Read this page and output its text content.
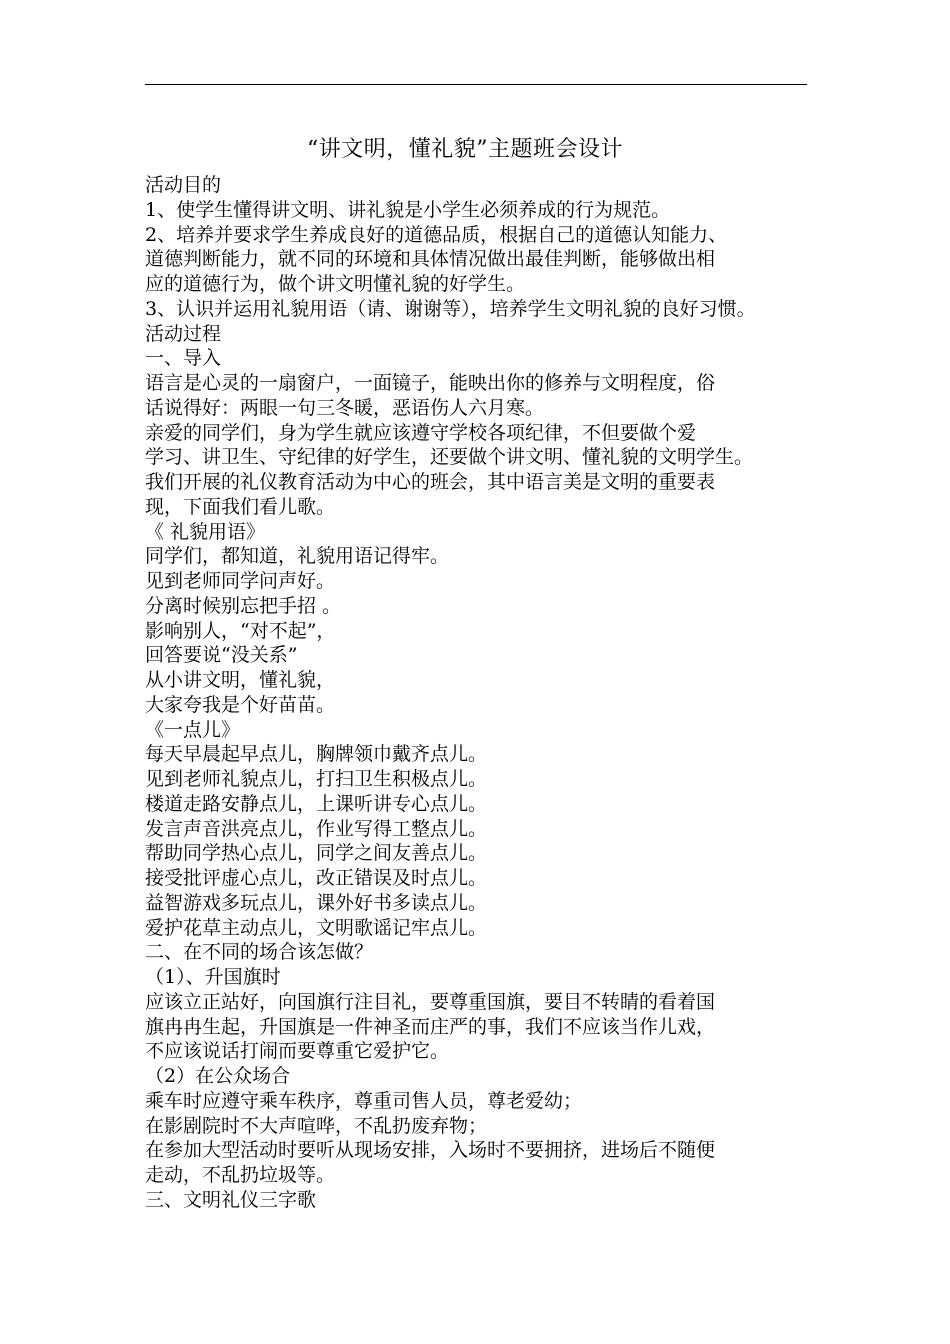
“讲文明，懂礼貌”主题班会设计
活动目的
1、使学生懂得讲文明、讲礼貌是小学生必须养成的行为规范。
2、培养并要求学生养成良好的道德品质，根据自己的道德认知能力、
道德判断能力，就不同的环境和具体情况做出最佳判断，能够做出相
应的道德行为，做个讲文明懂礼貌的好学生。
3、认识并运用礼貌用语（请、谢谢等），培养学生文明礼貌的良好习惯。
活动过程
一、导入
语言是心灵的一扇窗户，一面镜子，能映出你的修养与文明程度，俗
话说得好：两眼一句三冬暖，恶语伤人六月寒。
亲爱的同学们，身为学生就应该遵守学校各项纪律，不但要做个爱
学习、讲卫生、守纪律的好学生，还要做个讲文明、懂礼貌的文明学生。
我们开展的礼仪教育活动为中心的班会，其中语言美是文明的重要表
现，下面我们看儿歌。
《 礼貌用语》
同学们，都知道，礼貌用语记得牢。
见到老师同学问声好。
分离时候别忘把手招 。
影响别人，“对不起”，
回答要说“没关系”
从小讲文明，懂礼貌，
大家夸我是个好苗苗。
《一点儿》
每天早晨起早点儿，胸牌领巾戴齐点儿。
见到老师礼貌点儿，打扫卫生积极点儿。
楼道走路安静点儿，上课听讲专心点儿。
发言声音洪亮点儿，作业写得工整点儿。
帮助同学热心点儿，同学之间友善点儿。
接受批评虚心点儿，改正错误及时点儿。
益智游戏多玩点儿，课外好书多读点儿。
爱护花草主动点儿，文明歌谣记牢点儿。
二、在不同的场合该怎做？
（1）、升国旗时
应该立正站好，向国旗行注目礼，要尊重国旗，要目不转睛的看着国
旗冉冉生起，升国旗是一件神圣而庄严的事，我们不应该当作儿戏，
不应该说话打闹而要尊重它爱护它。
（2）在公众场合
乘车时应遵守乘车秩序，尊重司售人员，尊老爱幼；
在影剧院时不大声喧哗，不乱扔废弃物；
在参加大型活动时要听从现场安排，入场时不要拥挤，进场后不随便
走动，不乱扔垃圾等。
三、文明礼仪三字歌
